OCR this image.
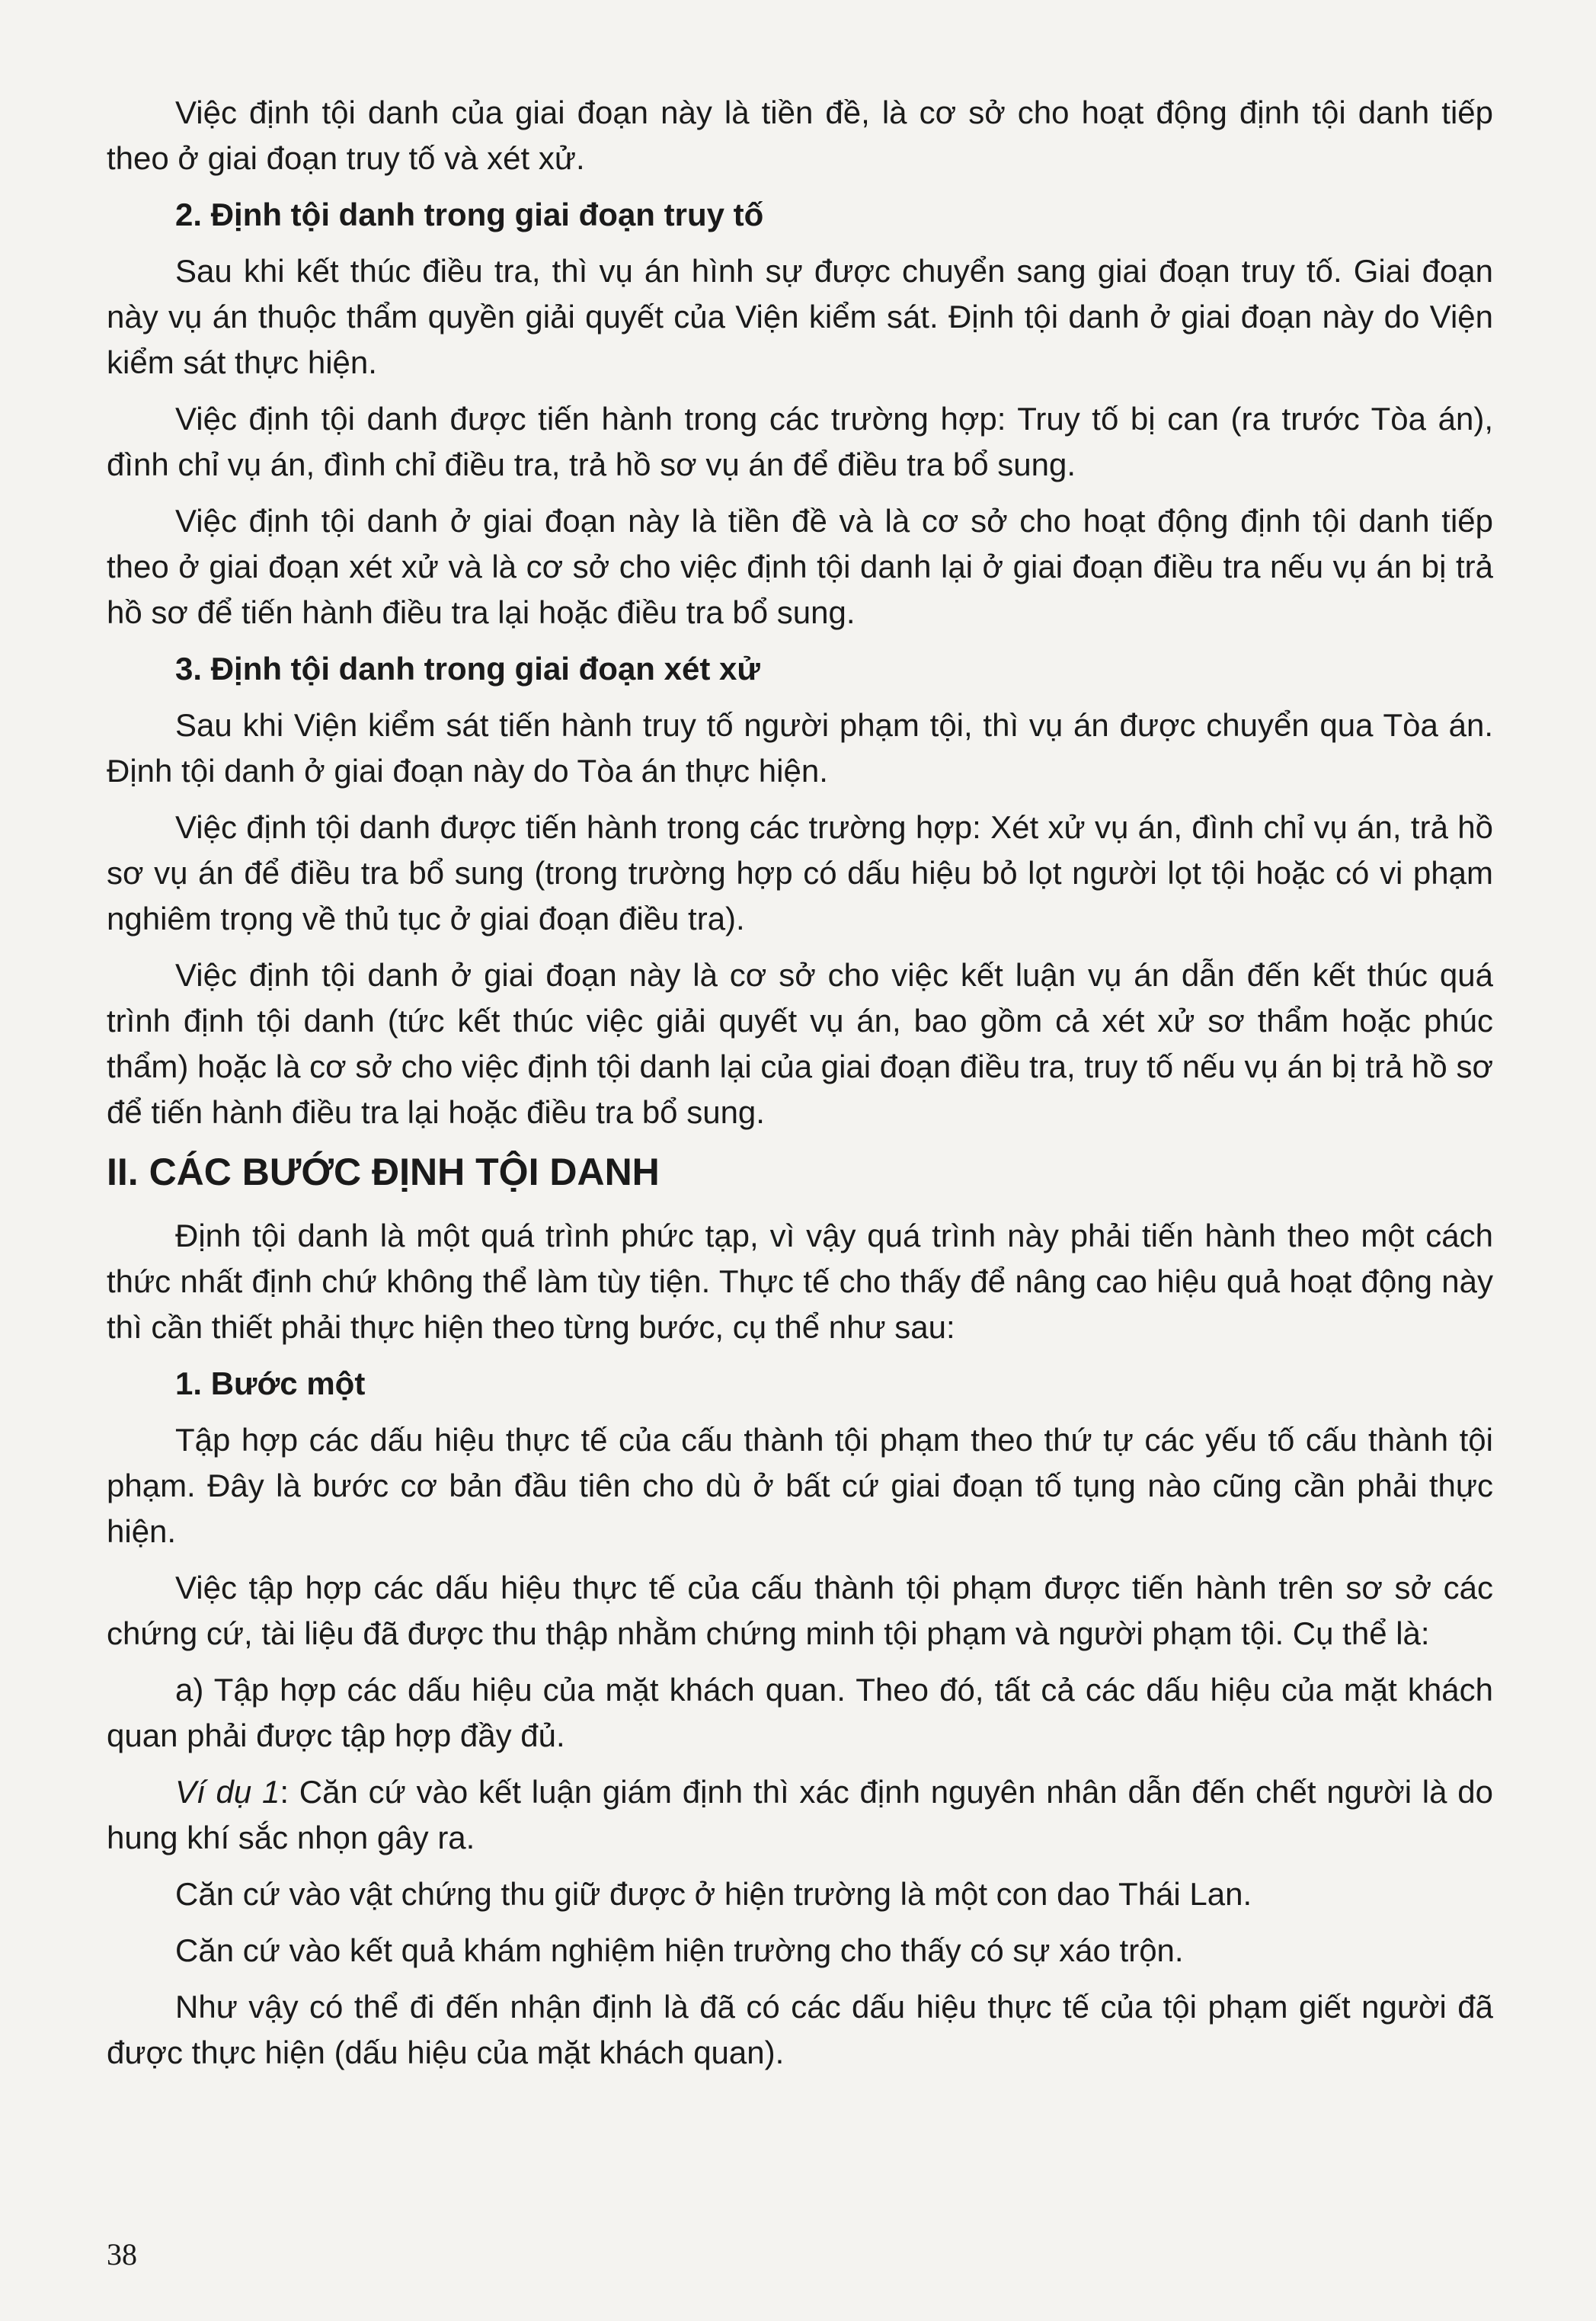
Việc định tội danh của giai đoạn này là tiền đề, là cơ sở cho hoạt động định tội danh tiếp theo ở giai đoạn truy tố và xét xử.

2. Định tội danh trong giai đoạn truy tố

Sau khi kết thúc điều tra, thì vụ án hình sự được chuyển sang giai đoạn truy tố. Giai đoạn này vụ án thuộc thẩm quyền giải quyết của Viện kiểm sát. Định tội danh ở giai đoạn này do Viện kiểm sát thực hiện.

Việc định tội danh được tiến hành trong các trường hợp: Truy tố bị can (ra trước Tòa án), đình chỉ vụ án, đình chỉ điều tra, trả hồ sơ vụ án để điều tra bổ sung.

Việc định tội danh ở giai đoạn này là tiền đề và là cơ sở cho hoạt động định tội danh tiếp theo ở giai đoạn xét xử và là cơ sở cho việc định tội danh lại ở giai đoạn điều tra nếu vụ án bị trả hồ sơ để tiến hành điều tra lại hoặc điều tra bổ sung.

3. Định tội danh trong giai đoạn xét xử

Sau khi Viện kiểm sát tiến hành truy tố người phạm tội, thì vụ án được chuyển qua Tòa án. Định tội danh ở giai đoạn này do Tòa án thực hiện.

Việc định tội danh được tiến hành trong các trường hợp: Xét xử vụ án, đình chỉ vụ án, trả hồ sơ vụ án để điều tra bổ sung (trong trường hợp có dấu hiệu bỏ lọt người lọt tội hoặc có vi phạm nghiêm trọng về thủ tục ở giai đoạn điều tra).

Việc định tội danh ở giai đoạn này là cơ sở cho việc kết luận vụ án dẫn đến kết thúc quá trình định tội danh (tức kết thúc việc giải quyết vụ án, bao gồm cả xét xử sơ thẩm hoặc phúc thẩm) hoặc là cơ sở cho việc định tội danh lại của giai đoạn điều tra, truy tố nếu vụ án bị trả hồ sơ để tiến hành điều tra lại hoặc điều tra bổ sung.

II. CÁC BƯỚC ĐỊNH TỘI DANH

Định tội danh là một quá trình phức tạp, vì vậy quá trình này phải tiến hành theo một cách thức nhất định chứ không thể làm tùy tiện. Thực tế cho thấy để nâng cao hiệu quả hoạt động này thì cần thiết phải thực hiện theo từng bước, cụ thể như sau:

1. Bước một

Tập hợp các dấu hiệu thực tế của cấu thành tội phạm theo thứ tự các yếu tố cấu thành tội phạm. Đây là bước cơ bản đầu tiên cho dù ở bất cứ giai đoạn tố tụng nào cũng cần phải thực hiện.

Việc tập hợp các dấu hiệu thực tế của cấu thành tội phạm được tiến hành trên sơ sở các chứng cứ, tài liệu đã được thu thập nhằm chứng minh tội phạm và người phạm tội. Cụ thể là:

a) Tập hợp các dấu hiệu của mặt khách quan. Theo đó, tất cả các dấu hiệu của mặt khách quan phải được tập hợp đầy đủ.

Ví dụ 1: Căn cứ vào kết luận giám định thì xác định nguyên nhân dẫn đến chết người là do hung khí sắc nhọn gây ra.

Căn cứ vào vật chứng thu giữ được ở hiện trường là một con dao Thái Lan.

Căn cứ vào kết quả khám nghiệm hiện trường cho thấy có sự xáo trộn.

Như vậy có thể đi đến nhận định là đã có các dấu hiệu thực tế của tội phạm giết người đã được thực hiện (dấu hiệu của mặt khách quan).

38
